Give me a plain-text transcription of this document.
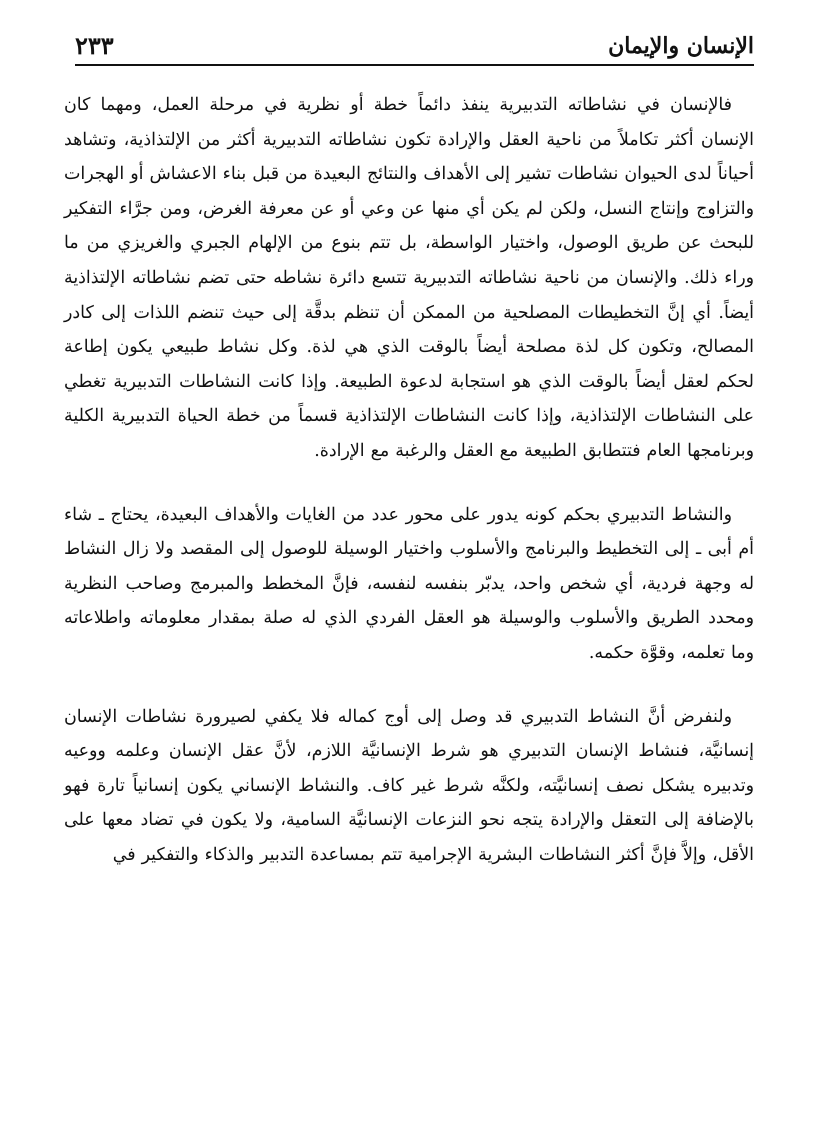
الإنسان والإيمان
٢٣٣

فالإنسان في نشاطاته التدبيرية ينفذ دائماً خطة أو نظرية في مرحلة العمل، ومهما كان الإنسان أكثر تكاملاً من ناحية العقل والإرادة تكون نشاطاته التدبيرية أكثر من الإلتذاذية، وتشاهد أحياناً لدى الحيوان نشاطات تشير إلى الأهداف والنتائج البعيدة من قبل بناء الاعشاش أو الهجرات والتزاوج وإنتاج النسل، ولكن لم يكن أي منها عن وعي أو عن معرفة الغرض، ومن جرَّاء التفكير للبحث عن طريق الوصول، واختيار الواسطة، بل تتم بنوع من الإلهام الجبري والغريزي من ما وراء ذلك. والإنسان من ناحية نشاطاته التدبيرية تتسع دائرة نشاطه حتى تضم نشاطاته الإلتذاذية أيضاً. أي إنَّ التخطيطات المصلحية من الممكن أن تنظم بدقَّة إلى حيث تنضم اللذات إلى كادر المصالح، وتكون كل لذة مصلحة أيضاً بالوقت الذي هي لذة. وكل نشاط طبيعي يكون إطاعة لحكم لعقل أيضاً بالوقت الذي هو استجابة لدعوة الطبيعة. وإذا كانت النشاطات التدبيرية تغطي على النشاطات الإلتذاذية، وإذا كانت النشاطات الإلتذاذية قسماً من خطة الحياة التدبيرية الكلية وبرنامجها العام فتتطابق الطبيعة مع العقل والرغبة مع الإرادة.

والنشاط التدبيري بحكم كونه يدور على محور عدد من الغايات والأهداف البعيدة، يحتاج ـ شاء أم أبى ـ إلى التخطيط والبرنامج والأسلوب واختيار الوسيلة للوصول إلى المقصد ولا زال النشاط له وجهة فردية، أي شخص واحد، يدبّر بنفسه لنفسه، فإنَّ المخطط والمبرمج وصاحب النظرية ومحدد الطريق والأسلوب والوسيلة هو العقل الفردي الذي له صلة بمقدار معلوماته واطلاعاته وما تعلمه، وقوَّة حكمه.

ولنفرض أنَّ النشاط التدبيري قد وصل إلى أوج كماله فلا يكفي لصيرورة نشاطات الإنسان إنسانيَّة، فنشاط الإنسان التدبيري هو شرط الإنسانيَّة اللازم، لأنَّ عقل الإنسان وعلمه ووعيه وتدبيره يشكل نصف إنسانيَّته، ولكنَّه شرط غير كاف. والنشاط الإنساني يكون إنسانياً تارة فهو بالإضافة إلى التعقل والإرادة يتجه نحو النزعات الإنسانيَّة السامية، ولا يكون في تضاد معها على الأقل، وإلاَّ فإنَّ أكثر النشاطات البشرية الإجرامية تتم بمساعدة التدبير والذكاء والتفكير في
